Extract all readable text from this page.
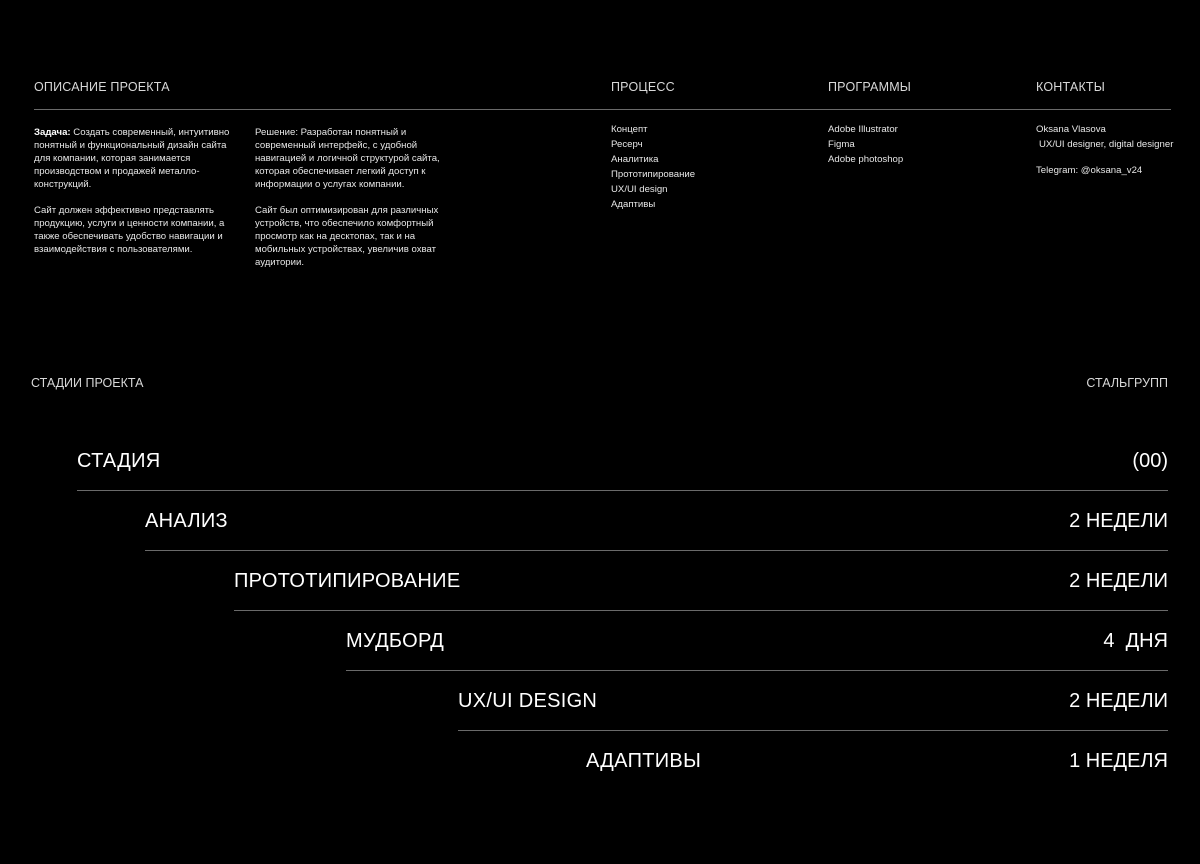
ОПИСАНИЕ ПРОЕКТА	ПРОЦЕСС	ПРОГРАММЫ	КОНТАКТЫ
Задача: Создать современный, интуитивно понятный и функциональный дизайн сайта для компании, которая занимается производством и продажей металло-конструкций.
Сайт должен эффективно представлять продукцию, услуги и ценности компании, а также обеспечивать удобство навигации и взаимодействия с пользователями.
Решение: Разработан понятный и современный интерфейс, с удобной навигацией и логичной структурой сайта, которая обеспечивает легкий доступ к информации о услугах компании.
Сайт был оптимизирован для различных устройств, что обеспечило комфортный просмотр как на десктопах, так и на мобильных устройствах, увеличив охват аудитории.
Концепт
Ресерч
Аналитика
Прототипирование
UX/UI design
Адаптивы
Adobe Illustrator
Figma
Adobe photoshop
Oksana Vlasova
UX/UI designer, digital designer
Telegram: @oksana_v24
СТАДИИ ПРОЕКТА	СТАЛЬГРУПП
СТАДИЯ	(00)
АНАЛИЗ	2 НЕДЕЛИ
ПРОТОТИПИРОВАНИЕ	2 НЕДЕЛИ
МУДБОРД	4  ДНЯ
UX/UI DESIGN	2 НЕДЕЛИ
АДАПТИВЫ	1 НЕДЕЛЯ
